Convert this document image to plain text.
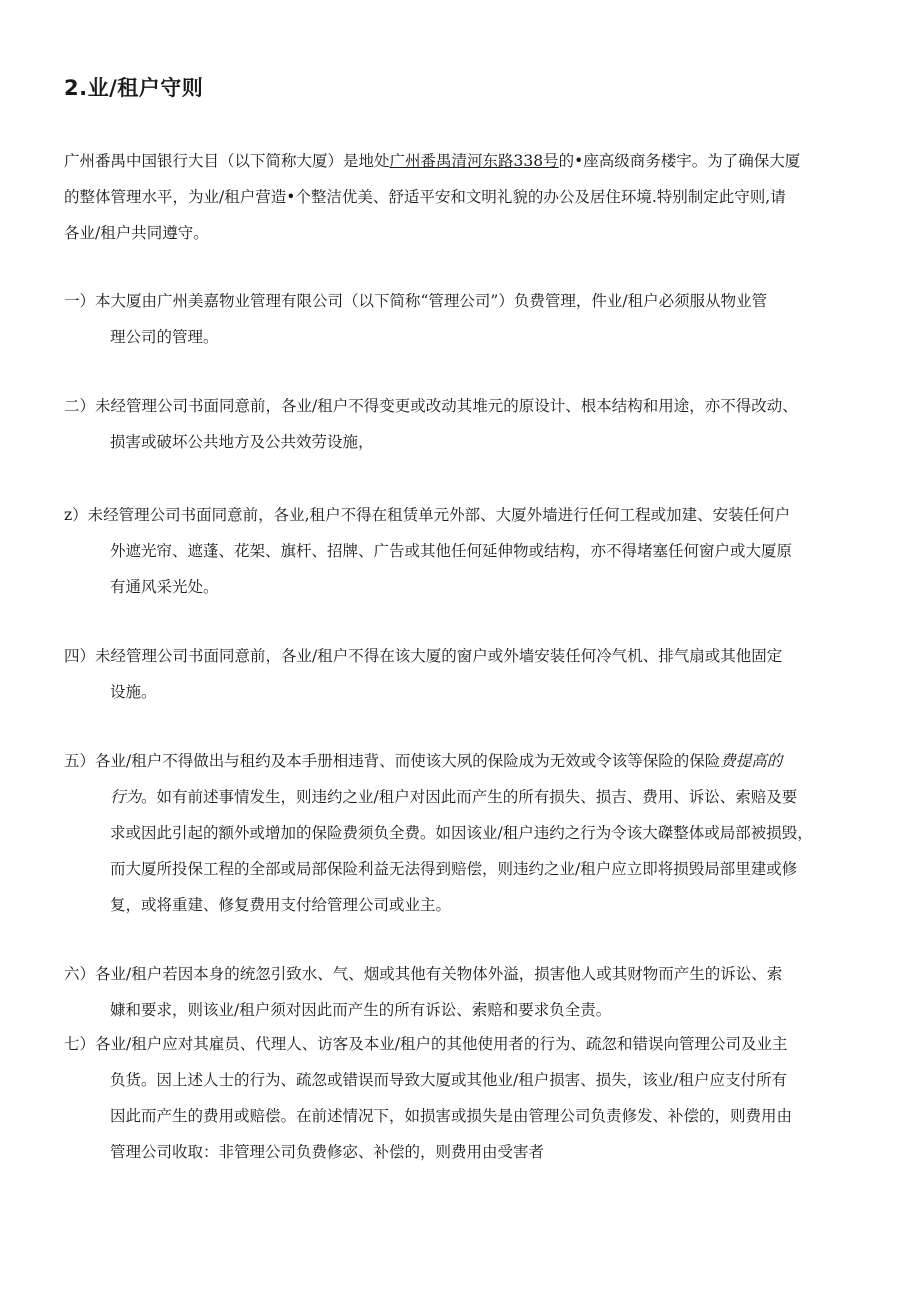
2.业/租户守则
广州番禺中国银行大目（以下简称大厦）是地处广州番禺清河东路338号的•座高级商务楼宇。为了确保大厦
的整体管理水平，为业/租户营造•个整洁优美、舒适平安和文明礼貌的办公及居住环境.特别制定此守则,请
各业/租户共同遵守。
一）本大厦由广州美嘉物业管理有限公司（以下简称“管理公司”）负费管理，件业/租户必须服从物业管
理公司的管理。
二）未经管理公司书面同意前，各业/租户不得变更或改动其堆元的原设计、根本结构和用途，亦不得改动、
损害或破坏公共地方及公共效劳设施，
z）未经管理公司书面同意前，各业,租户不得在租赁单元外部、大厦外墙进行任何工程或加建、安装任何户
外遮光帘、遮蓬、花架、旗杆、招牌、广告或其他任何延伸物或结构，亦不得堵塞任何窗户或大厦原
有通风采光处。
四）未经管理公司书面同意前，各业/租户不得在该大厦的窗户或外墙安装任何冷气机、排气扇或其他固定
设施。
五）各业/租户不得做出与租约及本手册相违背、而使该大夙的保险成为无效或令该等保险的保险费提高的
行为。如有前述事情发生，则违约之业/租户对因此而产生的所有损失、损吉、费用、诉讼、索赔及要
求或因此引起的额外或增加的保险费须负全费。如因该业/租户违约之行为令该大磔整体或局部被损毁，
而大厦所投保工程的全部或局部保险利益无法得到赔偿，则违约之业/租户应立即将损毁局部里建或修
复，或将重建、修复费用支付给管理公司或业主。
六）各业/租户若因本身的统忽引致水、气、烟或其他有关物体外溢，损害他人或其财物而产生的诉讼、索
嫝和要求，则该业/租户须对因此而产生的所有诉讼、索赔和要求负全责。
七）各业/租户应对其雇员、代理人、访客及本业/租户的其他使用者的行为、疏忽和错误向管理公司及业主
负货。因上述人士的行为、疏忽或错误而导致大厦或其他业/租户损害、损失，该业/租户应支付所有
因此而产生的费用或赔偿。在前述情况下，如损害或损失是由管理公司负责修发、补偿的，则费用由
管理公司收取：非管理公司负费修宓、补偿的，则费用由受害者
